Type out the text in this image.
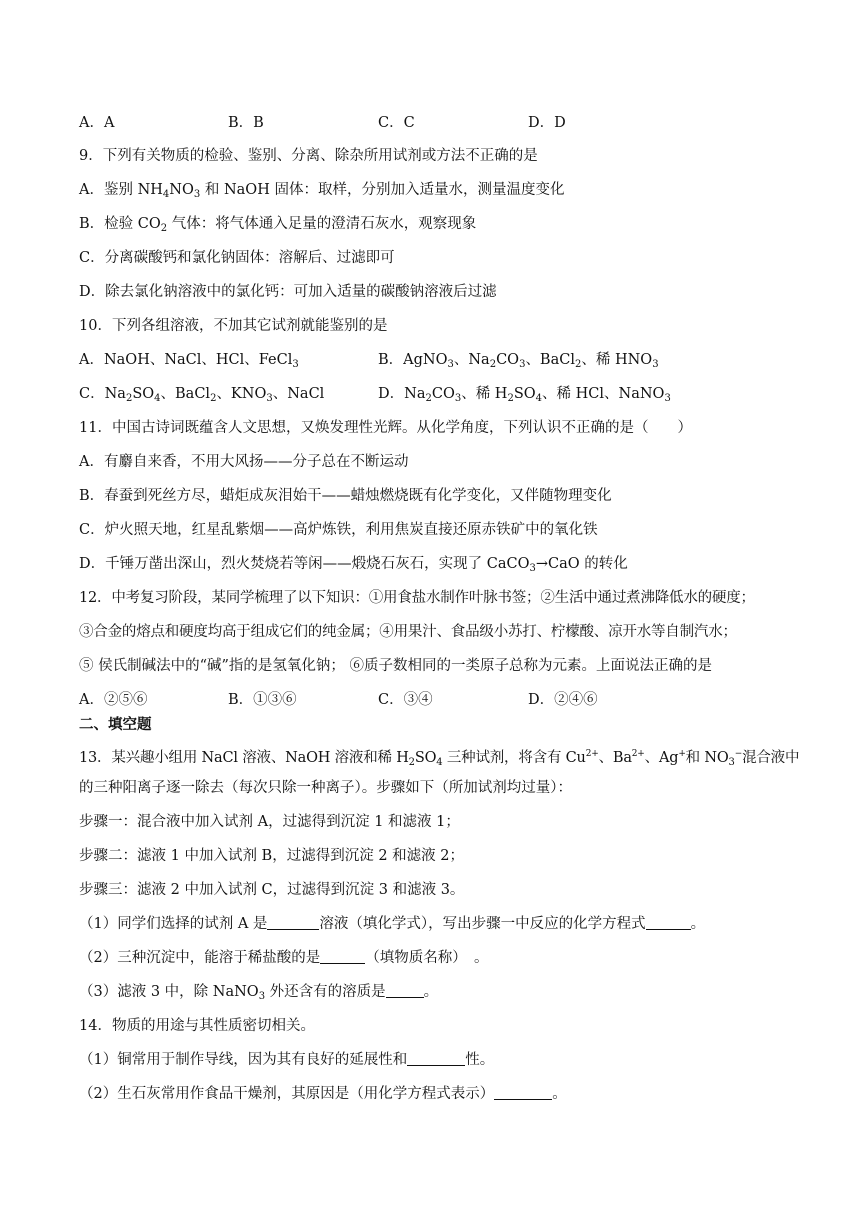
A．A	B．B	C．C	D．D
9．下列有关物质的检验、鉴别、分离、除杂所用试剂或方法不正确的是
A．鉴别 $NH_4NO_3$ 和 NaOH 固体：取样，分别加入适量水，测量温度变化
B．检验 $CO_2$ 气体：将气体通入足量的澄清石灰水，观察现象
C．分离碳酸钙和氯化钠固体：溶解后、过滤即可
D．除去氯化钠溶液中的氯化钙：可加入适量的碳酸钠溶液后过滤
10．下列各组溶液，不加其它试剂就能鉴别的是
A．NaOH、NaCl、HCl、FeCl$_3$	B．AgNO$_3$、$Na_2CO_3$、BaCl$_2$、稀 $HNO_3$
C．$Na_2SO_4$、BaCl$_2$、$KNO_3$、NaCl	D．$Na_2CO_3$、稀 $H_2SO_4$、稀 HCl、NaNO$_3$
11．中国古诗词既蕴含人文思想，又焕发理性光辉。从化学角度，下列认识不正确的是（　　）
A．有麝自来香，不用大风扬——分子总在不断运动
B．春蚕到死丝方尽，蜡炬成灰泪始干——蜡烛燃烧既有化学变化，又伴随物理变化
C．炉火照天地，红星乱紫烟——高炉炼铁，利用焦炭直接还原赤铁矿中的氧化铁
D．千锤万凿出深山，烈火焚烧若等闲——煅烧石灰石，实现了 CaCO$_3$→CaO 的转化
12．中考复习阶段，某同学梳理了以下知识：①用食盐水制作叶脉书签；②生活中通过煮沸降低水的硬度；
③合金的熔点和硬度均高于组成它们的纯金属；④用果汁、食品级小苏打、柠檬酸、凉开水等自制汽水；
⑤ 侯氏制碱法中的“碱”指的是氢氧化钠； ⑥质子数相同的一类原子总称为元素。上面说法正确的是
A．②⑤⑥	B．①③⑥	C．③④	D．②④⑥
二、填空题
13．某兴趣小组用 NaCl 溶液、NaOH 溶液和稀 $H_2SO_4$ 三种试剂，将含有 $Cu^{2+}$、$Ba^{2+}$、Ag+和 $NO_3^-$混合液中
的三种阳离子逐一除去（每次只除一种离子）。步骤如下（所加试剂均过量）：
步骤一：混合液中加入试剂 A，过滤得到沉淀 1 和滤液 1；
步骤二：滤液 1 中加入试剂 B，过滤得到沉淀 2 和滤液 2；
步骤三：滤液 2 中加入试剂 C，过滤得到沉淀 3 和滤液 3。
（1）同学们选择的试剂 A 是	溶液（填化学式），写出步骤一中反应的化学方程式	。
（2）三种沉淀中，能溶于稀盐酸的是	（填物质名称）　。
（3）滤液 3 中，除 NaNO$_3$ 外还含有的溶质是	。
14．物质的用途与其性质密切相关。
（1）铜常用于制作导线，因为其有良好的延展性和	性。
（2）生石灰常用作食品干燥剂，其原因是（用化学方程式表示）	。
